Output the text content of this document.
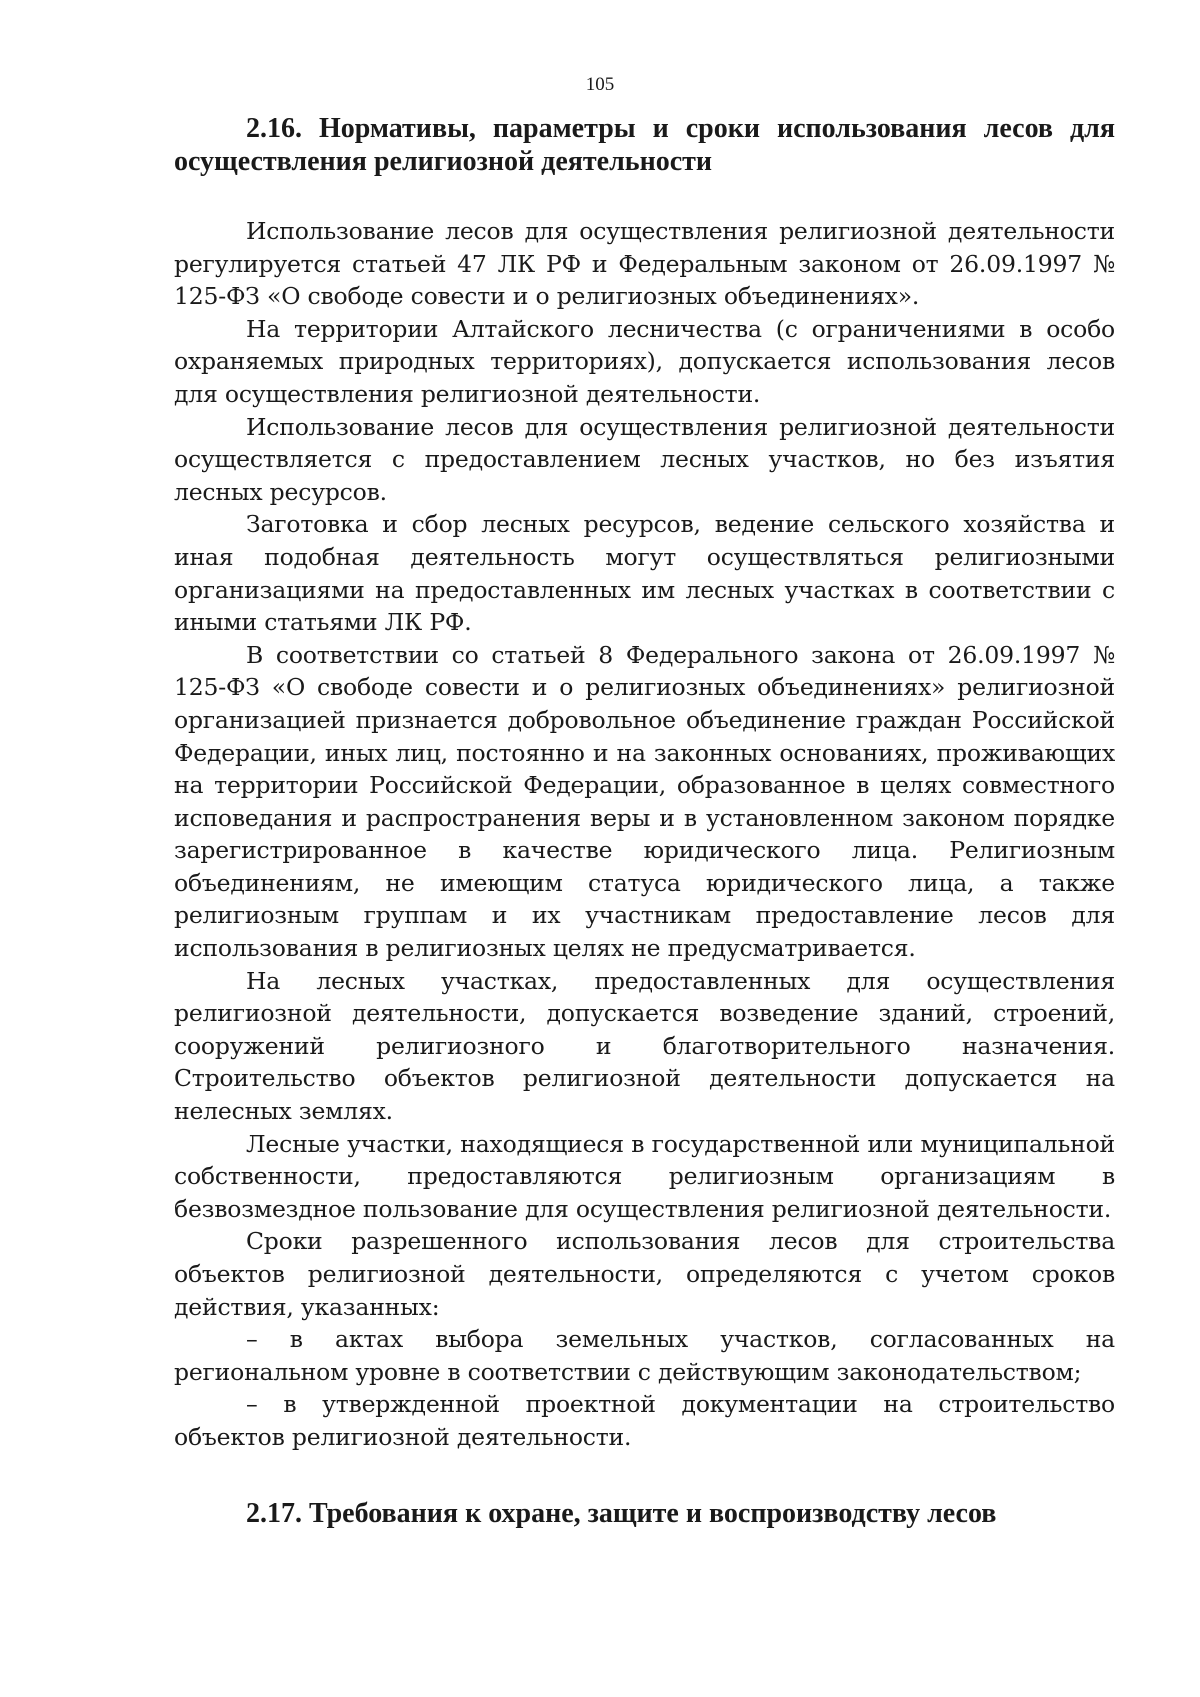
105
2.16. Нормативы, параметры и сроки использования лесов для осуществления религиозной деятельности

Использование лесов для осуществления религиозной деятельности регулируется статьей 47 ЛК РФ и Федеральным законом от 26.09.1997 № 125-ФЗ «О свободе совести и о религиозных объединениях».

На территории Алтайского лесничества (с ограничениями в особо охраняемых природных территориях), допускается использования лесов для осуществления религиозной деятельности.

Использование лесов для осуществления религиозной деятельности осуществляется с предоставлением лесных участков, но без изъятия лесных ресурсов.

Заготовка и сбор лесных ресурсов, ведение сельского хозяйства и иная подобная деятельность могут осуществляться религиозными организациями на предоставленных им лесных участках в соответствии с иными статьями ЛК РФ.

В соответствии со статьей 8 Федерального закона от 26.09.1997 № 125-ФЗ «О свободе совести и о религиозных объединениях» религиозной организацией признается добровольное объединение граждан Российской Федерации, иных лиц, постоянно и на законных основаниях, проживающих на территории Российской Федерации, образованное в целях совместного исповедания и распространения веры и в установленном законом порядке зарегистрированное в качестве юридического лица. Религиозным объединениям, не имеющим статуса юридического лица, а также религиозным группам и их участникам предоставление лесов для использования в религиозных целях не предусматривается.

На лесных участках, предоставленных для осуществления религиозной деятельности, допускается возведение зданий, строений, сооружений религиозного и благотворительного назначения. Строительство объектов религиозной деятельности допускается на нелесных землях.

Лесные участки, находящиеся в государственной или муниципальной собственности, предоставляются религиозным организациям в безвозмездное пользование для осуществления религиозной деятельности.

Сроки разрешенного использования лесов для строительства объектов религиозной деятельности, определяются с учетом сроков действия, указанных:

– в актах выбора земельных участков, согласованных на региональном уровне в соответствии с действующим законодательством;

– в утвержденной проектной документации на строительство объектов религиозной деятельности.

2.17. Требования к охране, защите и воспроизводству лесов
